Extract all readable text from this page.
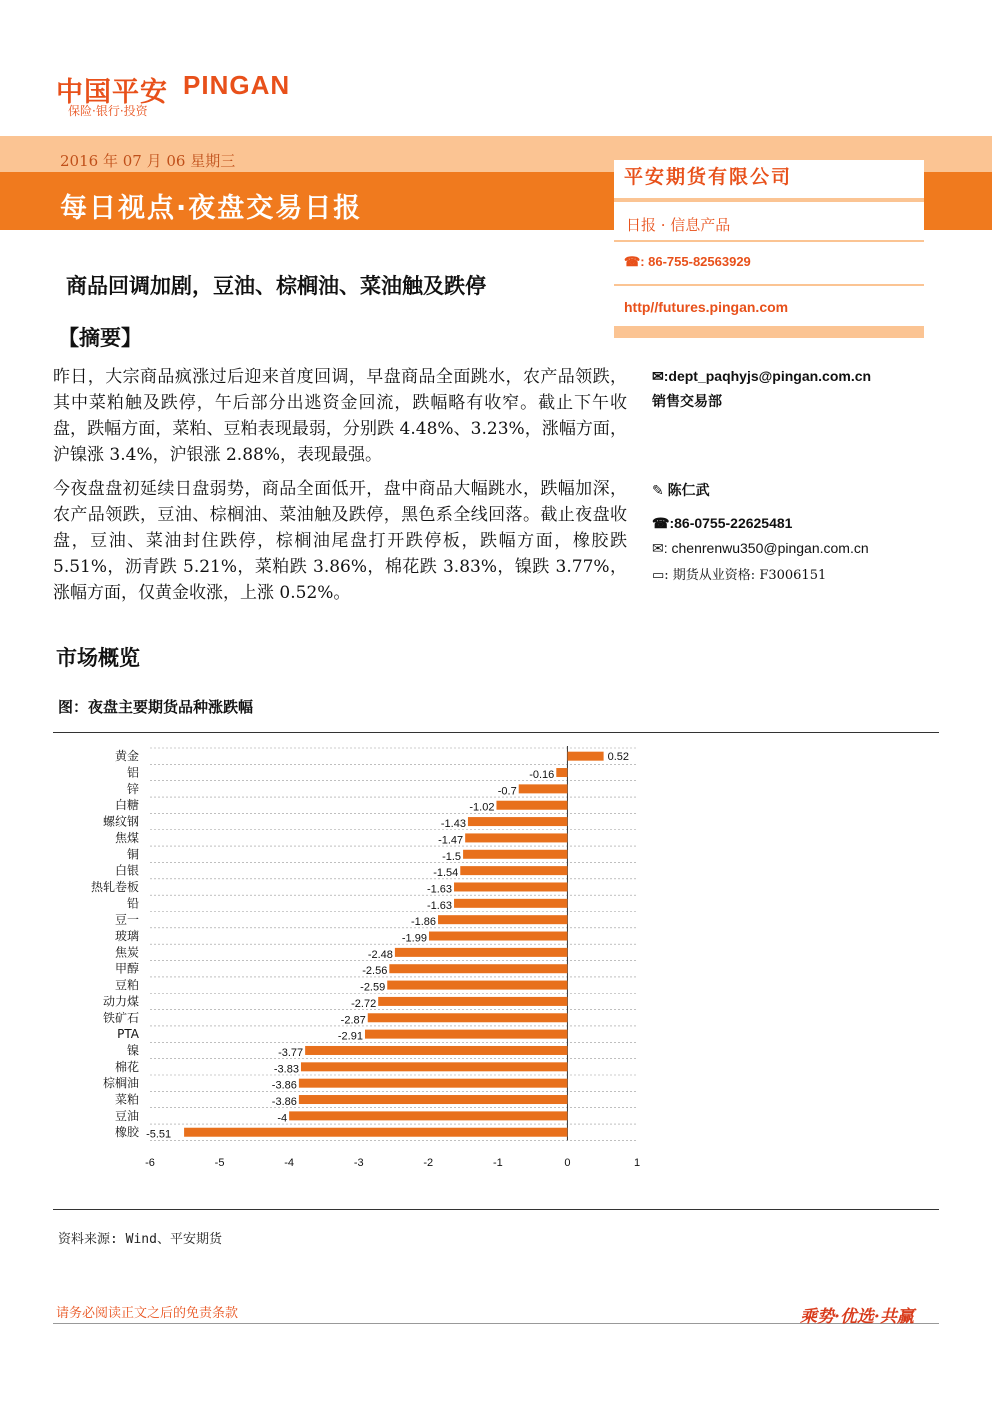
中国平安 PINGAN
保险·银行·投资
2016 年 07 月 06 星期三
每日视点·夜盘交易日报
平安期货有限公司
日报 · 信息产品
☎: 86-755-82563929
http//futures.pingan.com
商品回调加剧，豆油、棕榈油、菜油触及跌停
【摘要】
昨日，大宗商品疯涨过后迎来首度回调，早盘商品全面跳水，农产品领跌，其中菜粕触及跌停，午后部分出逃资金回流，跌幅略有收窄。截止下午收盘，跌幅方面，菜粕、豆粕表现最弱，分别跌 4.48%、3.23%，涨幅方面，沪镍涨 3.4%，沪银涨 2.88%，表现最强。
今夜盘盘初延续日盘弱势，商品全面低开，盘中商品大幅跳水，跌幅加深，农产品领跌，豆油、棕榈油、菜油触及跌停，黑色系全线回落。截止夜盘收盘，豆油、菜油封住跌停，棕榈油尾盘打开跌停板，跌幅方面，橡胶跌 5.51%，沥青跌 5.21%，菜粕跌 3.86%，棉花跌 3.83%，镍跌 3.77%，涨幅方面，仅黄金收涨，上涨 0.52%。
✉:dept_paqhyjs@pingan.com.cn
销售交易部
✎ 陈仁武
☎:86-0755-22625481
✉: chenrenwu350@pingan.com.cn
▭: 期货从业资格: F3006151
市场概览
图：夜盘主要期货品种涨跌幅
黄金	0.52
铝	-0.16
锌	-0.7
白糖	-1.02
螺纹钢	-1.43
焦煤	-1.47
铜	-1.5
白银	-1.54
热轧卷板	-1.63
铅	-1.63
豆一	-1.86
玻璃	-1.99
焦炭	-2.48
甲醇	-2.56
豆粕	-2.59
动力煤	-2.72
铁矿石	-2.87
PTA	-2.91
镍	-3.77
棉花	-3.83
棕榈油	-3.86
菜粕	-3.86
豆油	-4
橡胶 -5.51
-6	-5	-4	-3	-2	-1	0	1
资料来源: Wind、平安期货
请务必阅读正文之后的免责条款	乘势·优选·共赢
